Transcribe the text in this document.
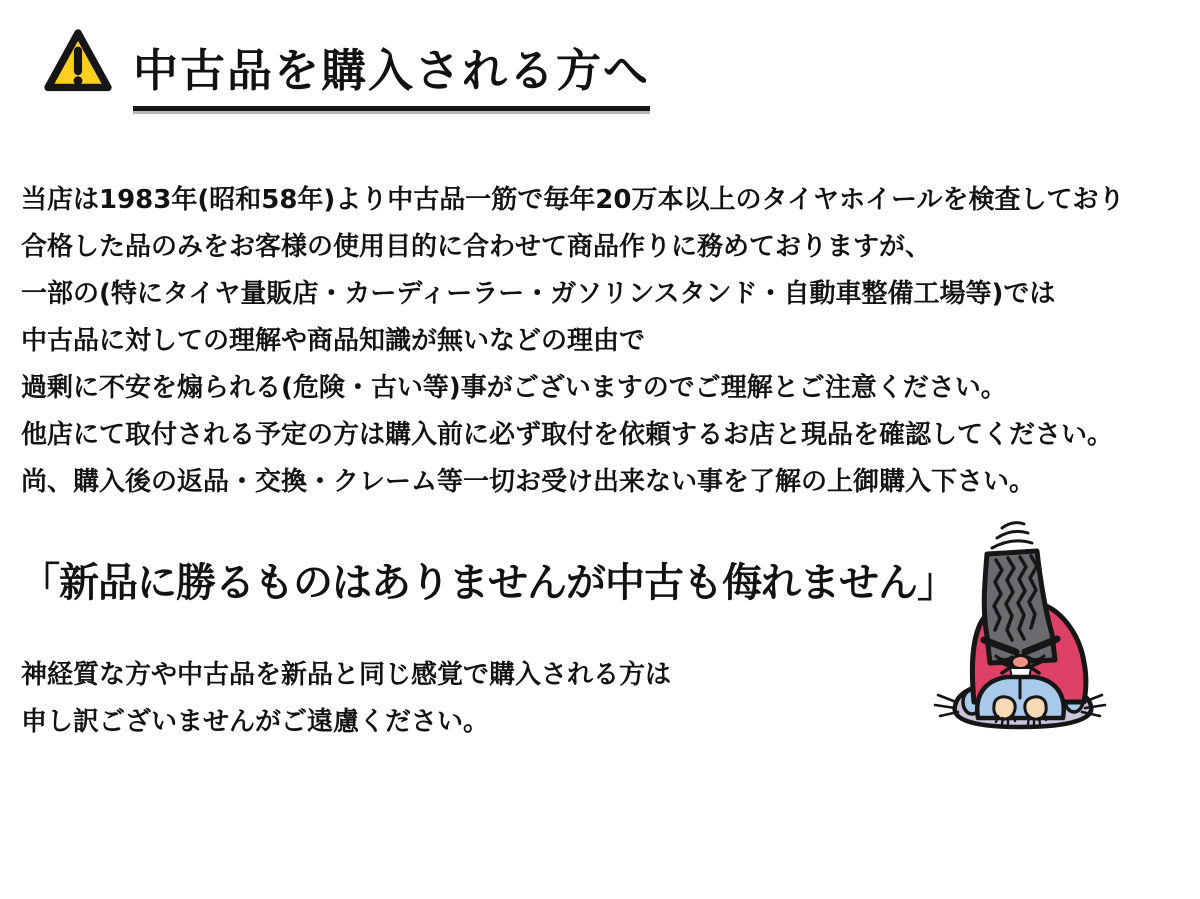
中古品を購入される方へ
当店は1983年(昭和58年)より中古品一筋で毎年20万本以上のタイヤホイールを検査しており
合格した品のみをお客様の使用目的に合わせて商品作りに務めておりますが、
一部の(特にタイヤ量販店・カーディーラー・ガソリンスタンド・自動車整備工場等)では
中古品に対しての理解や商品知識が無いなどの理由で
過剰に不安を煽られる(危険・古い等)事がございますのでご理解とご注意ください。
他店にて取付される予定の方は購入前に必ず取付を依頼するお店と現品を確認してください。
尚、購入後の返品・交換・クレーム等一切お受け出来ない事を了解の上御購入下さい。
「新品に勝るものはありませんが中古も侮れません」
神経質な方や中古品を新品と同じ感覚で購入される方は
申し訳ございませんがご遠慮ください。
